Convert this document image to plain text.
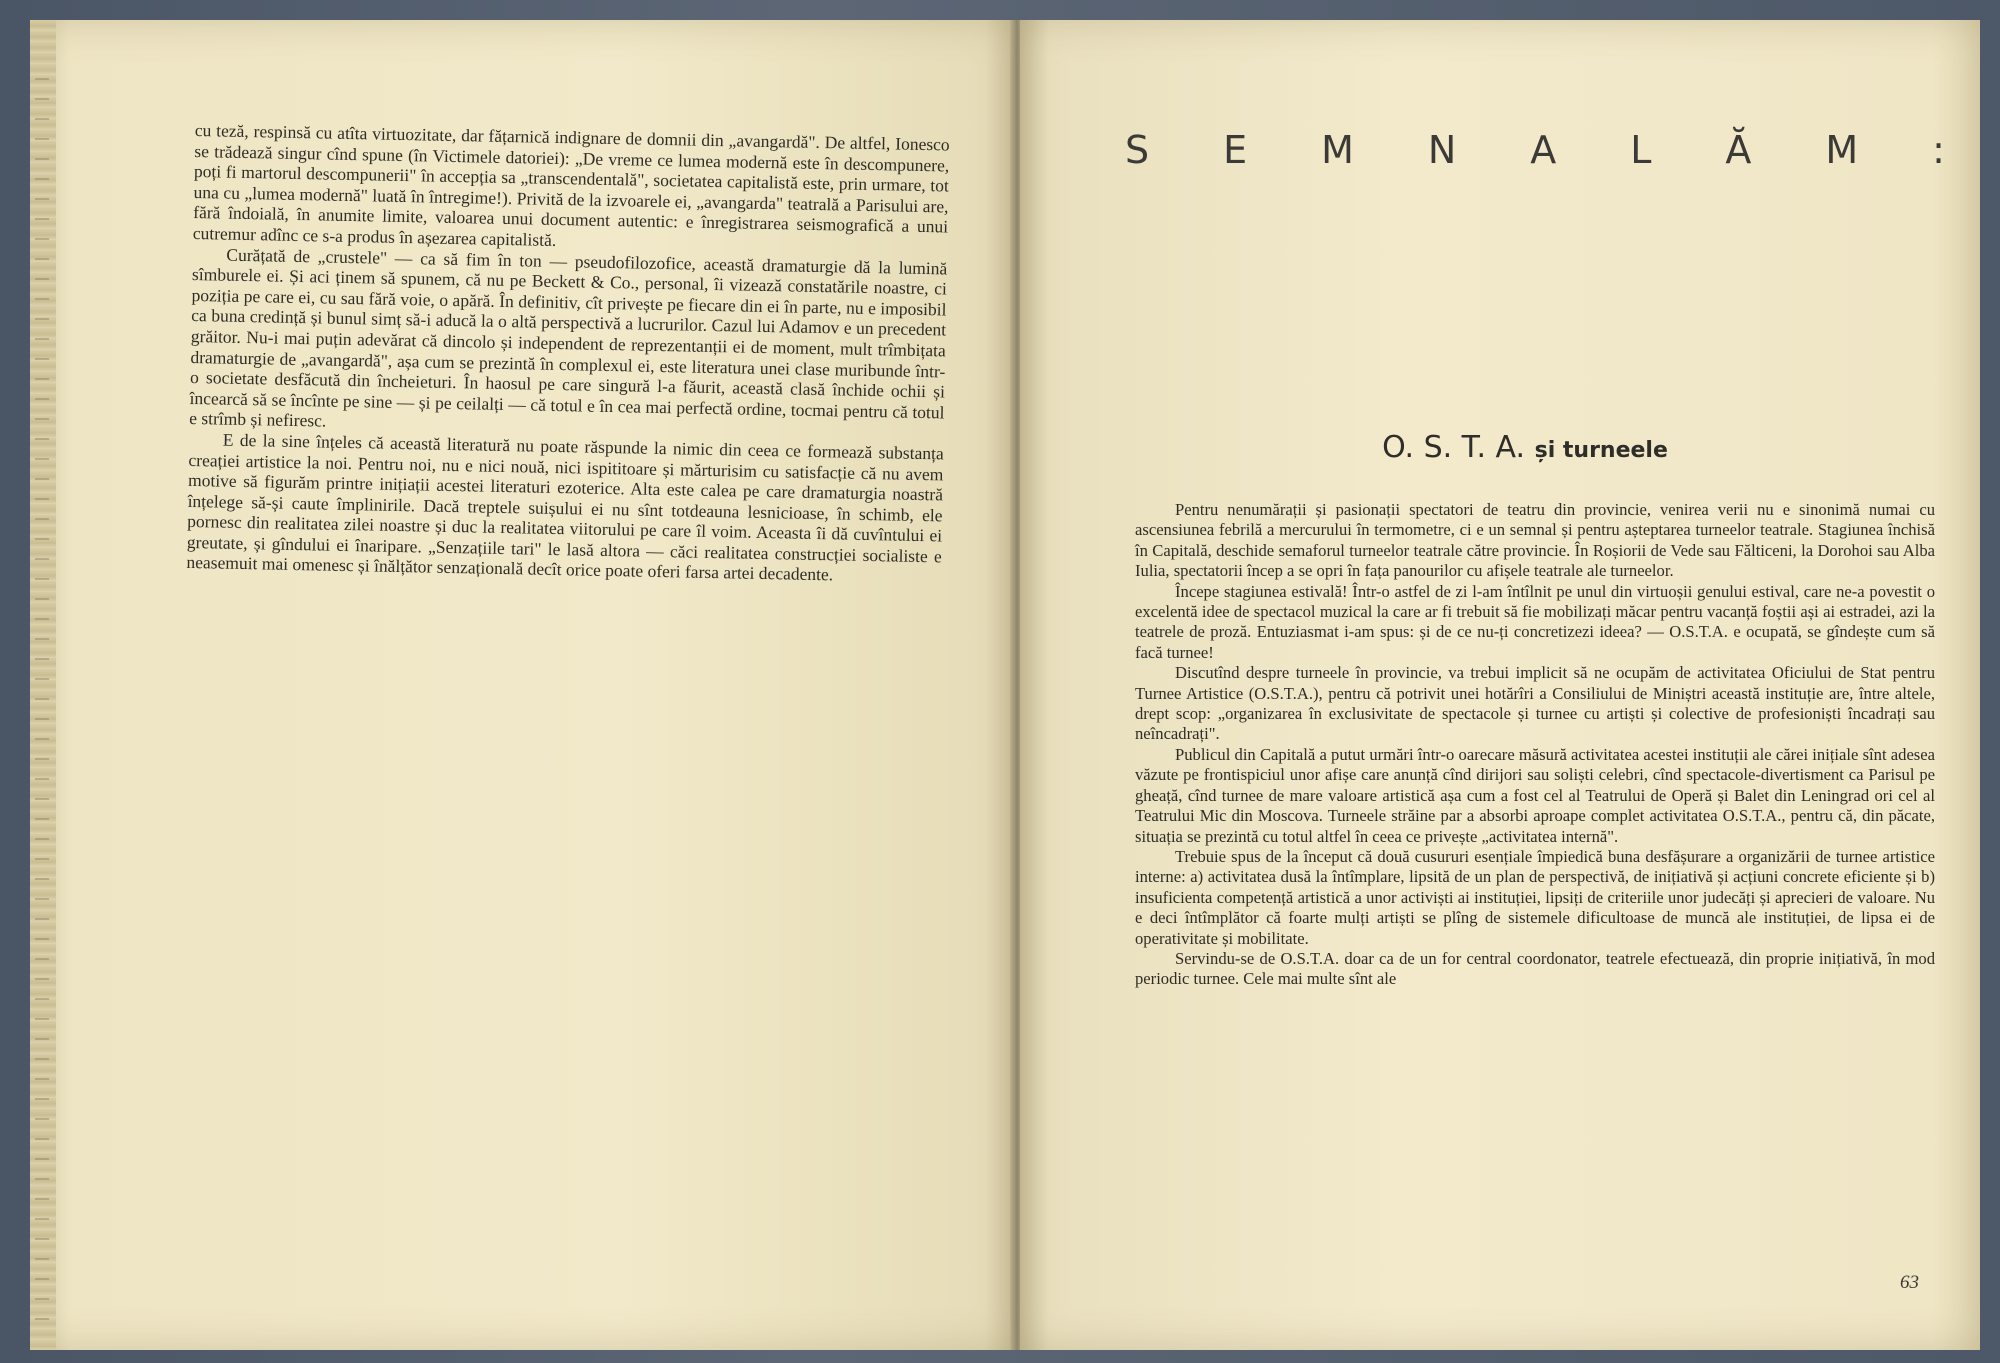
cu teză, respinsă cu atîta virtuozitate, dar fățarnică indignare de domnii din „avangardă". De altfel, Ionesco se trădează singur cînd spune (în Victimele datoriei): „De vreme ce lumea modernă este în descompunere, poți fi martorul descompunerii" în accepția sa „transcendentală", societatea capitalistă este, prin urmare, tot una cu „lumea modernă" luată în întregime!). Privită de la izvoarele ei, „avangarda" teatrală a Parisului are, fără îndoială, în anumite limite, valoarea unui document autentic: e înregistrarea seismografică a unui cutremur adînc ce s-a produs în așezarea capitalistă.

Curățată de „crustele" — ca să fim în ton — pseudofilozofice, această dramaturgie dă la lumină sîmburele ei. Și aci ținem să spunem, că nu pe Beckett & Co., personal, îi vizează constatările noastre, ci poziția pe care ei, cu sau fără voie, o apără. În definitiv, cît privește pe fiecare din ei în parte, nu e imposibil ca buna credință și bunul simț să-i aducă la o altă perspectivă a lucrurilor. Cazul lui Adamov e un precedent grăitor. Nu-i mai puțin adevărat că dincolo și independent de reprezentanții ei de moment, mult trîmbițata dramaturgie de „avangardă", așa cum se prezintă în complexul ei, este literatura unei clase muribunde într-o societate desfăcută din încheieturi. În haosul pe care singură l-a făurit, această clasă închide ochii și încearcă să se încînte pe sine — și pe ceilalți — că totul e în cea mai perfectă ordine, tocmai pentru că totul e strîmb și nefiresc.

E de la sine înțeles că această literatură nu poate răspunde la nimic din ceea ce formează substanța creației artistice la noi. Pentru noi, nu e nici nouă, nici ispititoare și mărturisim cu satisfacție că nu avem motive să figurăm printre inițiații acestei literaturi ezoterice. Alta este calea pe care dramaturgia noastră înțelege să-și caute împlinirile. Dacă treptele suișului ei nu sînt totdeauna lesnicioase, în schimb, ele pornesc din realitatea zilei noastre și duc la realitatea viitorului pe care îl voim. Aceasta îi dă cuvîntului ei greutate, și gîndului ei înaripare. „Senzațiile tari" le lasă altora — căci realitatea construcției socialiste e neasemuit mai omenesc și înălțător senzațională decît orice poate oferi farsa artei decadente.

S E M N A L Ă M :
O. S. T. A. și turneele

Pentru nenumărații și pasionații spectatori de teatru din provincie, venirea verii nu e sinonimă numai cu ascensiunea febrilă a mercurului în termometre, ci e un semnal și pentru așteptarea turneelor teatrale. Stagiunea închisă în Capitală, deschide semaforul turneelor teatrale către provincie. În Roșiorii de Vede sau Fălticeni, la Dorohoi sau Alba Iulia, spectatorii încep a se opri în fața panourilor cu afișele teatrale ale turneelor.

Începe stagiunea estivală! Într-o astfel de zi l-am întîlnit pe unul din virtuoșii genului estival, care ne-a povestit o excelentă idee de spectacol muzical la care ar fi trebuit să fie mobilizați măcar pentru vacanță foștii ași ai estradei, azi la teatrele de proză. Entuziasmat i-am spus: și de ce nu-ți concretizezi ideea? — O.S.T.A. e ocupată, se gîndește cum să facă turnee!

Discutînd despre turneele în provincie, va trebui implicit să ne ocupăm de activitatea Oficiului de Stat pentru Turnee Artistice (O.S.T.A.), pentru că potrivit unei hotărîri a Consiliului de Miniștri această instituție are, între altele, drept scop: „organizarea în exclusivitate de spectacole și turnee cu artiști și colective de profesioniști încadrați sau neîncadrați".

Publicul din Capitală a putut urmări într-o oarecare măsură activitatea acestei instituții ale cărei inițiale sînt adesea văzute pe frontispiciul unor afișe care anunță cînd dirijori sau soliști celebri, cînd spectacole-divertisment ca Parisul pe gheață, cînd turnee de mare valoare artistică așa cum a fost cel al Teatrului de Operă și Balet din Leningrad ori cel al Teatrului Mic din Moscova. Turneele străine par a absorbi aproape complet activitatea O.S.T.A., pentru că, din păcate, situația se prezintă cu totul altfel în ceea ce privește „activitatea internă".

Trebuie spus de la început că două cusururi esențiale împiedică buna desfășurare a organizării de turnee artistice interne: a) activitatea dusă la întîmplare, lipsită de un plan de perspectivă, de inițiativă și acțiuni concrete eficiente și b) insuficienta competență artistică a unor activiști ai instituției, lipsiți de criteriile unor judecăți și aprecieri de valoare. Nu e deci întîmplător că foarte mulți artiști se plîng de sistemele dificultoase de muncă ale instituției, de lipsa ei de operativitate și mobilitate.

Servindu-se de O.S.T.A. doar ca de un for central coordonator, teatrele efectuează, din proprie inițiativă, în mod periodic turnee. Cele mai multe sînt ale

63
